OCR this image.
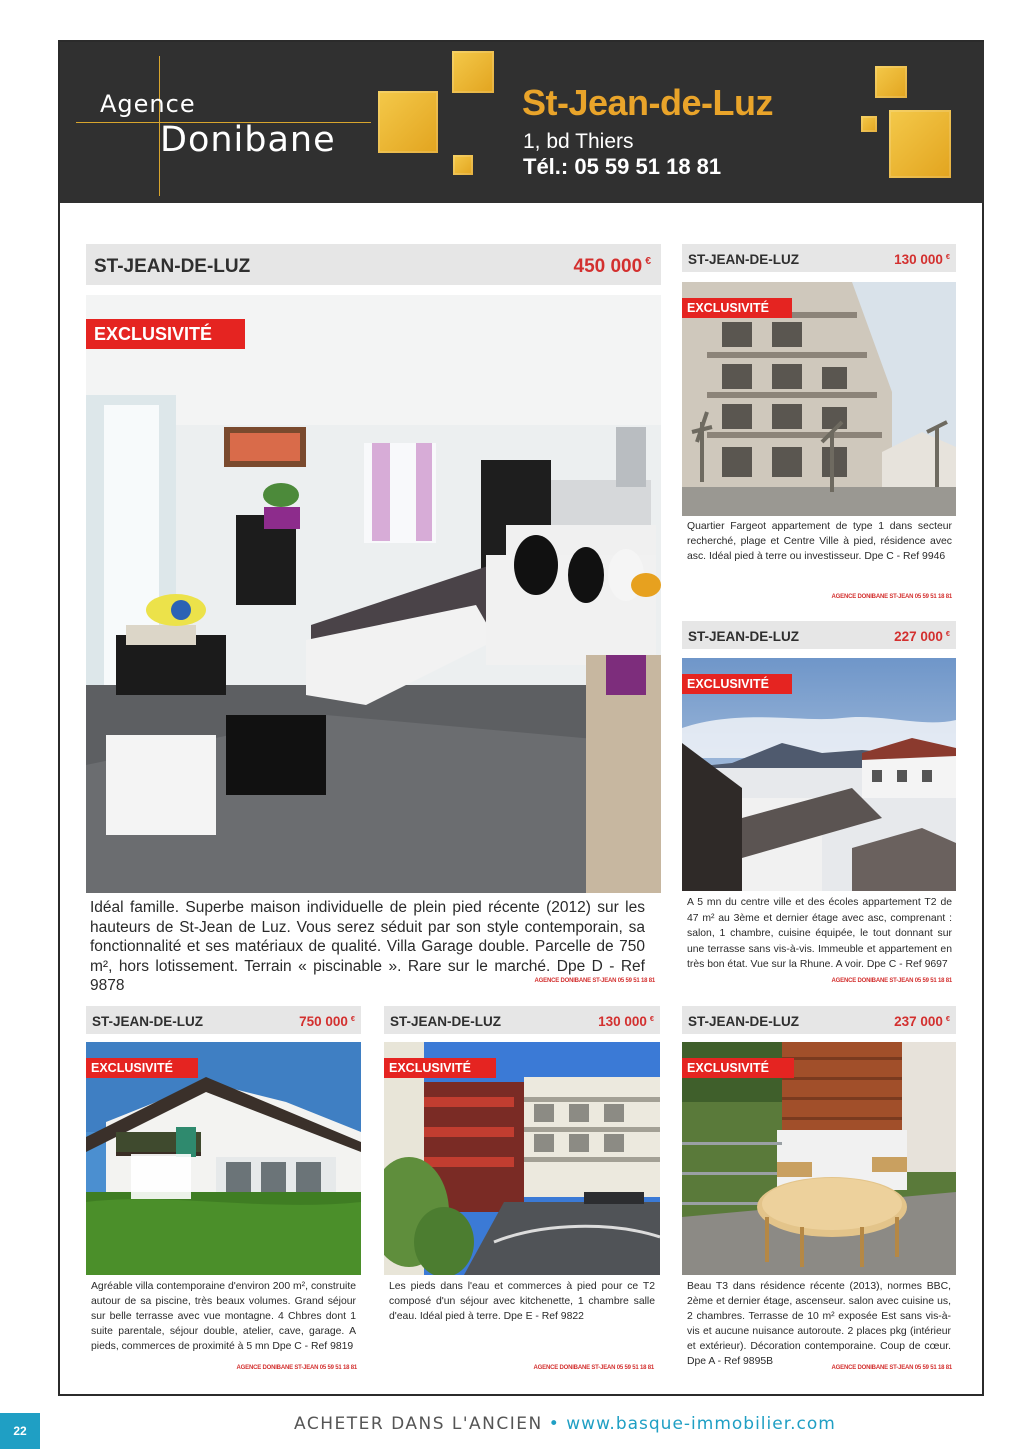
Agence
Donibane
St-Jean-de-Luz
1, bd Thiers
Tél.: 05 59 51 18 81
ST-JEAN-DE-LUZ	450 000 €
EXCLUSIVITÉ
Idéal famille. Superbe maison individuelle de plein pied récente (2012) sur les hauteurs de St-Jean de Luz. Vous serez séduit par son style contemporain, sa fonctionnalité et ses matériaux de qualité. Villa Garage double. Parcelle de 750 m², hors lotissement. Terrain « piscinable ». Rare sur le marché. Dpe D - Ref 9878	AGENCE DONIBANE ST-JEAN 05 59 51 18 81
ST-JEAN-DE-LUZ	130 000 €
EXCLUSIVITÉ
Quartier Fargeot appartement de type 1 dans secteur recherché, plage et Centre Ville à pied, résidence avec asc. Idéal pied à terre ou investisseur. Dpe C - Ref 9946
AGENCE DONIBANE ST-JEAN 05 59 51 18 81
ST-JEAN-DE-LUZ	227 000 €
EXCLUSIVITÉ
A 5 mn du centre ville et des écoles appartement T2 de 47 m² au 3ème et dernier étage avec asc, comprenant : salon, 1 chambre, cuisine équipée, le tout donnant sur une terrasse sans vis-à-vis. Immeuble et appartement en très bon état. Vue sur la Rhune. A voir. Dpe C - Ref 9697
AGENCE DONIBANE ST-JEAN 05 59 51 18 81
ST-JEAN-DE-LUZ	750 000 €
EXCLUSIVITÉ
Agréable villa contemporaine d'environ 200 m², construite autour de sa piscine, très beaux volumes. Grand séjour sur belle terrasse avec vue montagne. 4 Chbres dont 1 suite parentale, séjour double, atelier, cave, garage. A pieds, commerces de proximité à 5 mn Dpe C - Ref 9819
AGENCE DONIBANE ST-JEAN 05 59 51 18 81
ST-JEAN-DE-LUZ	130 000 €
EXCLUSIVITÉ
Les pieds dans l'eau et commerces à pied pour ce T2 composé d'un séjour avec kitchenette, 1 chambre salle d'eau. Idéal pied à terre. Dpe E - Ref 9822
AGENCE DONIBANE ST-JEAN 05 59 51 18 81
ST-JEAN-DE-LUZ	237 000 €
EXCLUSIVITÉ
Beau T3 dans résidence récente (2013), normes BBC, 2ème et dernier étage, ascenseur. salon avec cuisine us, 2 chambres. Terrasse de 10 m² exposée Est sans vis-à-vis et aucune nuisance autoroute. 2 places pkg (intérieur et extérieur). Décoration contemporaine. Coup de cœur. Dpe A - Ref 9895B
AGENCE DONIBANE ST-JEAN 05 59 51 18 81
22	ACHETER DANS L'ANCIEN • www.basque-immobilier.com
